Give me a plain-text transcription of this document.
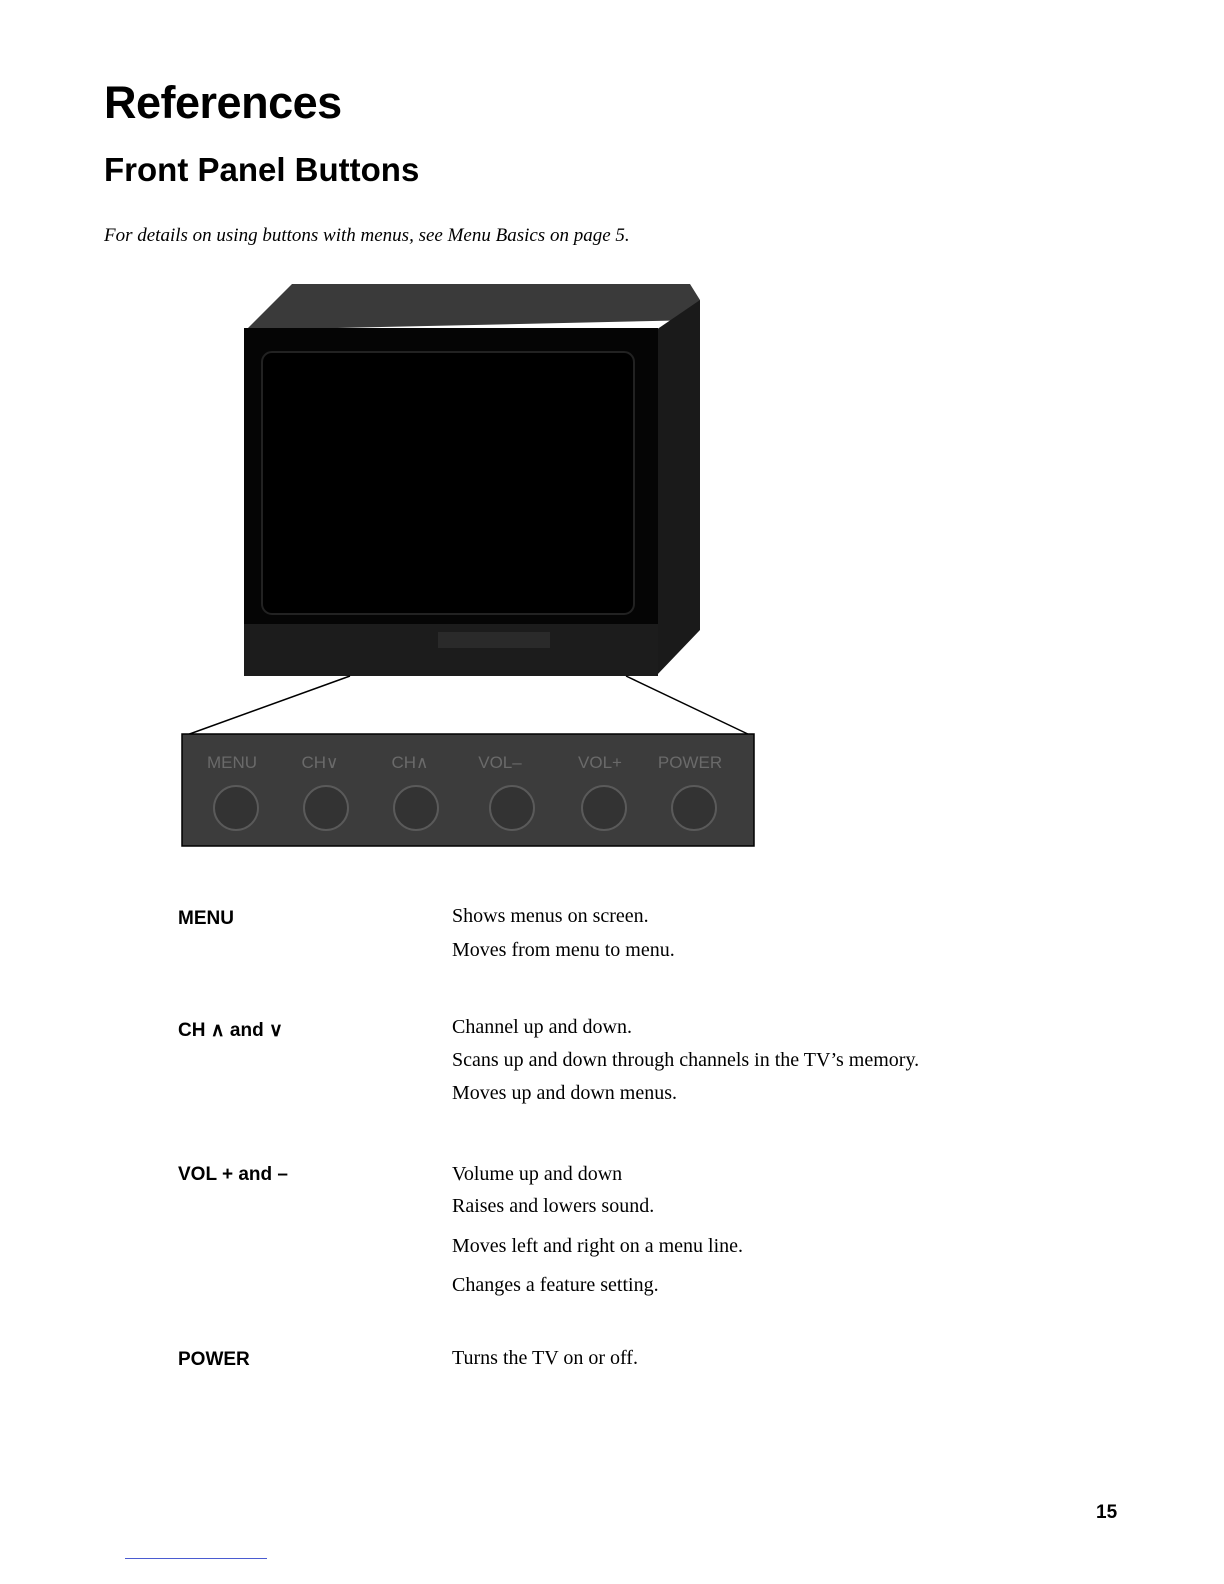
References
Front Panel Buttons

For details on using buttons with menus, see Menu Basics on page 5.

MENU	CH∨	CH∧	VOL–	VOL+ POWER
MENU	Shows menus on screen.
Moves from menu to menu.
CH ∧ and ∨	Channel up and down.
Scans up and down through channels in the TV’s memory.
Moves up and down menus.
VOL + and –	Volume up and down
Raises and lowers sound.
Moves left and right on a menu line.
Changes a feature setting.
POWER	Turns the TV on or off.
15
